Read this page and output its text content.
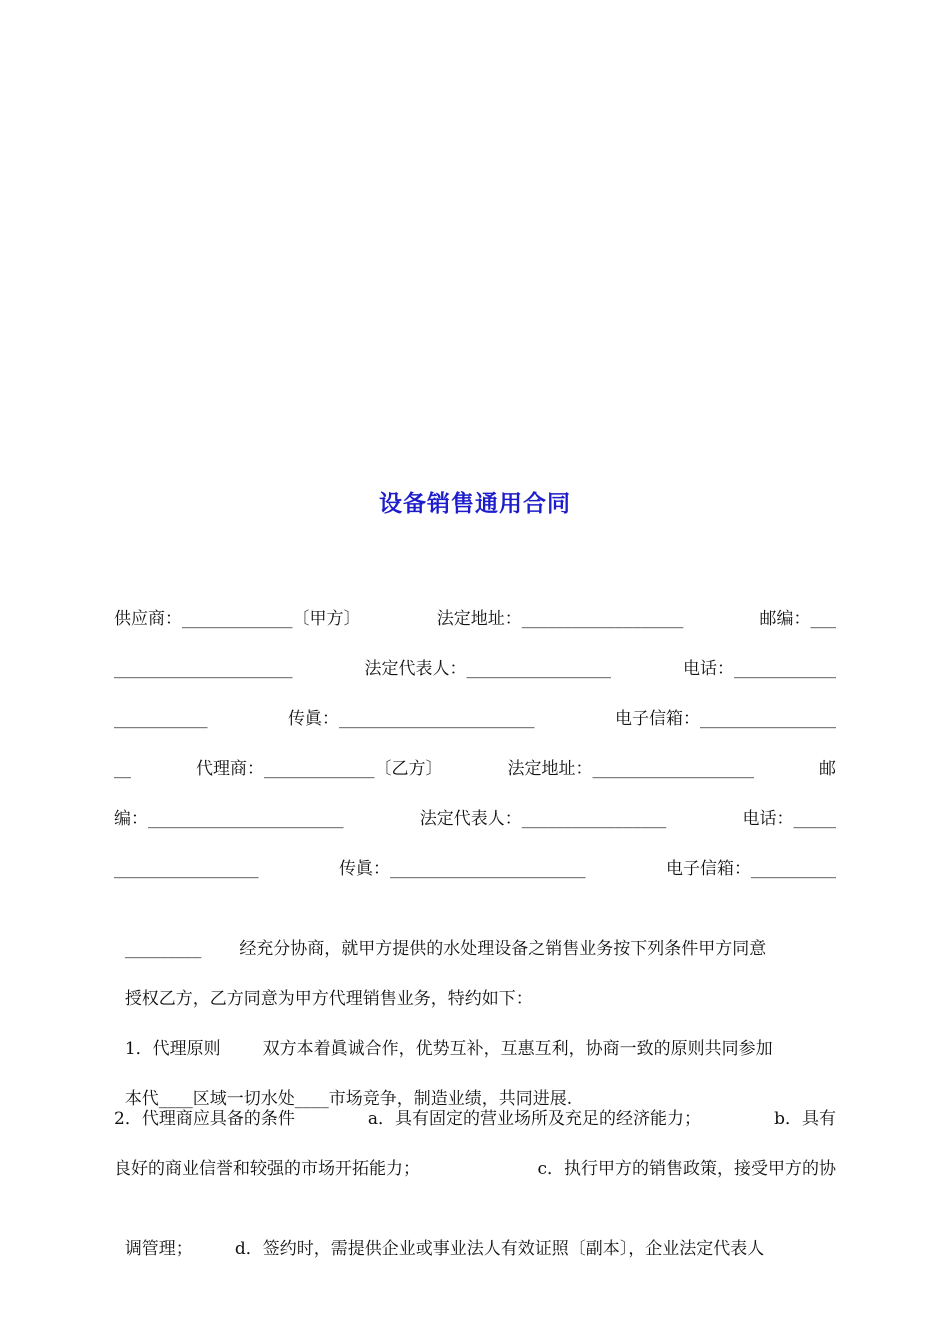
设备销售通用合同
供应商：_____________〔甲方〕	法定地址：___________________	邮编：___
_____________________	法定代表人：_________________	电话：____________
___________	传眞：_______________________	电子信箱：________________
__	代理商：_____________〔乙方〕	法定地址：___________________	邮
编：_______________________	法定代表人：_________________	电话：_____
_________________	传眞：_______________________	电子信箱：__________

_________ 经充分协商，就甲方提供的水处理设备之销售业务按下列条件甲方同意

授权乙方，乙方同意为甲方代理销售业务，特约如下：

1．代理原则 双方本着眞诚合作，优势互补，互惠互利，协商一致的原则共同参加

本代____区域一切水处____市场竞争，制造业绩，共同进展.

2．代理商应具备的条件	a．具有固定的营业场所及充足的经济能力；	b．具有
良好的商业信誉和较强的市场开拓能力；	c．执行甲方的销售政策，接受甲方的协

调管理； d．签约时，需提供企业或事业法人有效证照〔副本〕，企业法定代表人
